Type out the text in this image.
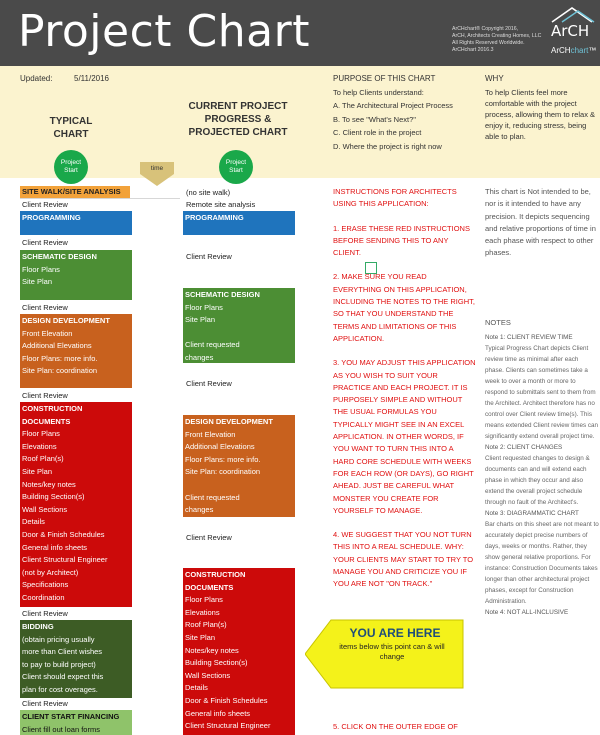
Project Chart	ArCHchart® Copyright 2016,
ArCH, Architects Creating Homes, LLC
All Rights Reserved Worldwide.
ArCHchart 2016.3
ArCH
ArCHchart™
Updated:	5/11/2016
TYPICAL
CHART
CURRENT PROJECT
PROGRESS &
PROJECTED CHART
PURPOSE OF THIS CHART
To help Clients understand:
A. The Architectural Project Process
B. To see "What's Next?"
C. Client role in the project
D. Where the project is right now
WHY
To help Clients feel more comfortable with the project process, allowing them to relax & enjoy it, reducing stress, being able to plan.
Project Start
Project Start
time
SITE WALK/SITE ANALYSIS
Client Review
PROGRAMMING
Client Review
SCHEMATIC DESIGN
Floor Plans
Site Plan
Client Review
DESIGN DEVELOPMENT
Front Elevation
Additional Elevations
Floor Plans: more info.
Site Plan: coordination
Client Review
CONSTRUCTION
DOCUMENTS
Floor Plans
Elevations
Roof Plan(s)
Site Plan
Notes/key notes
Building Section(s)
Wall Sections
Details
Door & Finish Schedules
General info sheets
Client Structural Engineer
(not by Architect)
Specifications
Coordination
Client Review
BIDDING
(obtain pricing usually
more than Client wishes
to pay to build project)
Client should expect this
plan for cost overages.
Client Review
CLIENT START FINANCING
Client fill out loan forms
(no site walk)
Remote site analysis
PROGRAMMING
Client Review
SCHEMATIC DESIGN
Floor Plans
Site Plan

Client requested
changes
Client Review
DESIGN DEVELOPMENT
Front Elevation
Additional Elevations
Floor Plans: more info.
Site Plan: coordination

Client requested
changes
Client Review
CONSTRUCTION
DOCUMENTS
Floor Plans
Elevations
Roof Plan(s)
Site Plan
Notes/key notes
Building Section(s)
Wall Sections
Details
Door & Finish Schedules
General info sheets
Client Structural Engineer
INSTRUCTIONS FOR ARCHITECTS USING THIS APPLICATION:
1. ERASE THESE RED INSTRUCTIONS BEFORE SENDING THIS TO ANY CLIENT.
2. MAKE SURE YOU READ EVERYTHING ON THIS APPLICATION, INCLUDING THE NOTES TO THE RIGHT, SO THAT YOU UNDERSTAND THE TERMS AND LIMITATIONS OF THIS APPLICATION.
3. YOU MAY ADJUST THIS APPLICATION AS YOU WISH TO SUIT YOUR PRACTICE AND EACH PROJECT. IT IS PURPOSELY SIMPLE AND WITHOUT THE USUAL FORMULAS YOU TYPICALLY MIGHT SEE IN AN EXCEL APPLICATION. IN OTHER WORDS, IF YOU WANT TO TURN THIS INTO A HARD CORE SCHEDULE WITH WEEKS FOR EACH ROW (OR DAYS), GO RIGHT AHEAD. JUST BE CAREFUL WHAT MONSTER YOU CREATE FOR YOURSELF TO MANAGE.
4. WE SUGGEST THAT YOU NOT TURN THIS INTO A REAL SCHEDULE. WHY: YOUR CLIENTS MAY START TO TRY TO MANAGE YOU AND CRITICIZE YOU IF YOU ARE NOT "ON TRACK."
5. CLICK ON THE OUTER EDGE OF
This chart is Not intended to be, nor is it intended to have any precision. It depicts sequencing and relative proportions of time in each phase with respect to other phases.
NOTES
Note 1: CLIENT REVIEW TIME
Typical Progress Chart depicts Client review time as minimal after each phase. Clients can sometimes take a week to over a month or more to respond to submittals sent to them from the Architect. Architect therefore has no control over Client review time(s). This means extended Client review times can significantly extend overall project time.
Note 2: CLIENT CHANGES
Client requested changes to design & documents can and will extend each phase in which they occur and also extend the overall project schedule through no fault of the Architect's.
Note 3: DIAGRAMMATIC CHART
Bar charts on this sheet are not meant to accurately depict precise numbers of days, weeks or months. Rather, they show general relative proportions. For instance: Construction Documents takes longer than other architectural project phases, except for Construction Administration.
Note 4: NOT ALL-INCLUSIVE
YOU ARE HERE
items below this point can & will change
